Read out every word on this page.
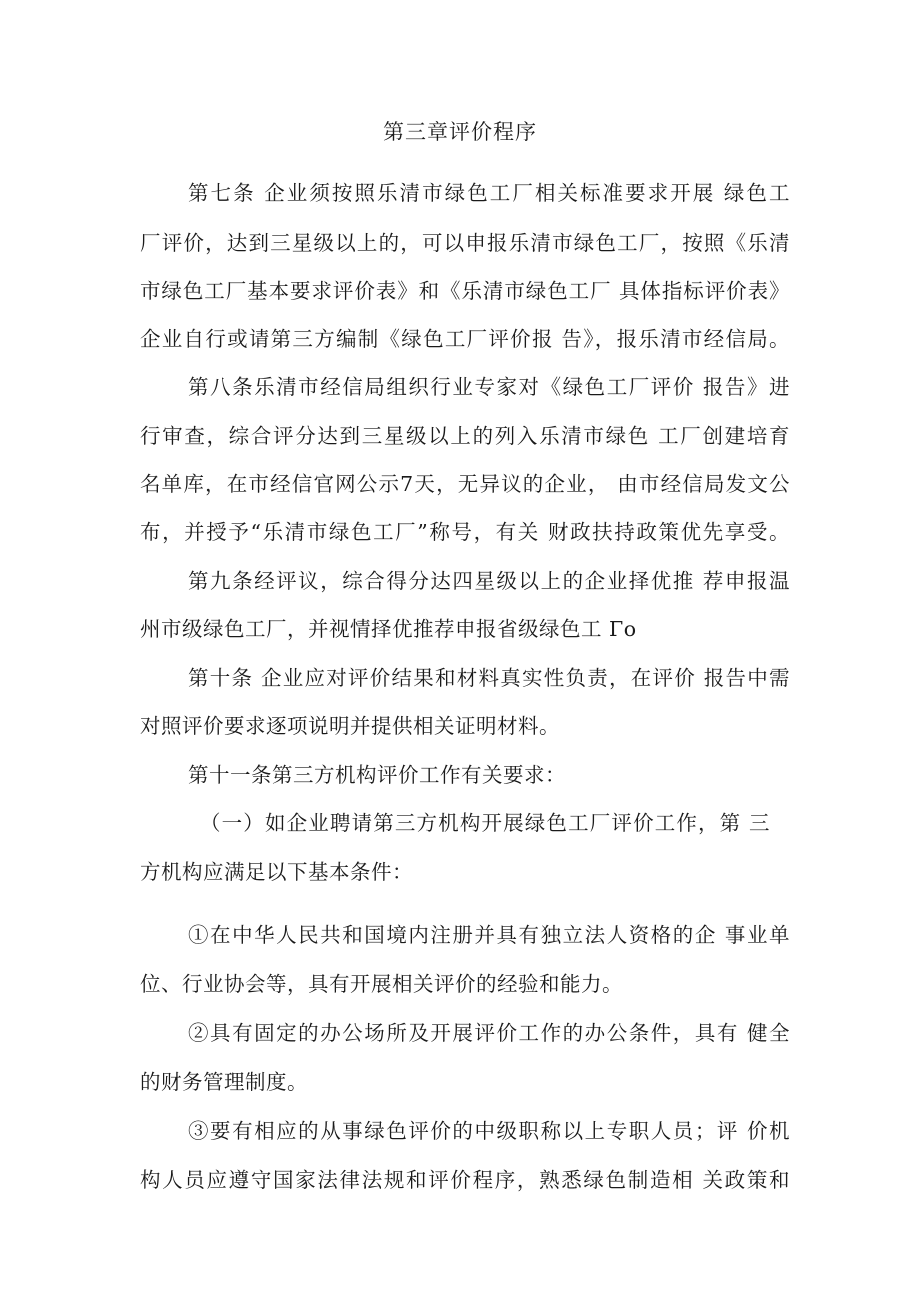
第三章评价程序
第七条 企业须按照乐清市绿色工厂相关标准要求开展 绿色工
厂评价，达到三星级以上的，可以申报乐清市绿色工厂，按照《乐清
市绿色工厂基本要求评价表》和《乐清市绿色工厂 具体指标评价表》
企业自行或请第三方编制《绿色工厂评价报 告》，报乐清市经信局。
第八条乐清市经信局组织行业专家对《绿色工厂评价 报告》进
行审查，综合评分达到三星级以上的列入乐清市绿色 工厂创建培育
名单库，在市经信官网公示7天，无异议的企业， 由市经信局发文公
布，并授予“乐清市绿色工厂”称号，有关 财政扶持政策优先享受。
第九条经评议，综合得分达四星级以上的企业择优推 荐申报温
州市级绿色工厂，并视情择优推荐申报省级绿色工 Γo
第十条 企业应对评价结果和材料真实性负责，在评价 报告中需
对照评价要求逐项说明并提供相关证明材料。
第十一条第三方机构评价工作有关要求：
（一）如企业聘请第三方机构开展绿色工厂评价工作，第 三
方机构应满足以下基本条件：
①在中华人民共和国境内注册并具有独立法人资格的企 事业单
位、行业协会等，具有开展相关评价的经验和能力。
②具有固定的办公场所及开展评价工作的办公条件，具有 健全
的财务管理制度。
③要有相应的从事绿色评价的中级职称以上专职人员；评 价机
构人员应遵守国家法律法规和评价程序，熟悉绿色制造相 关政策和
